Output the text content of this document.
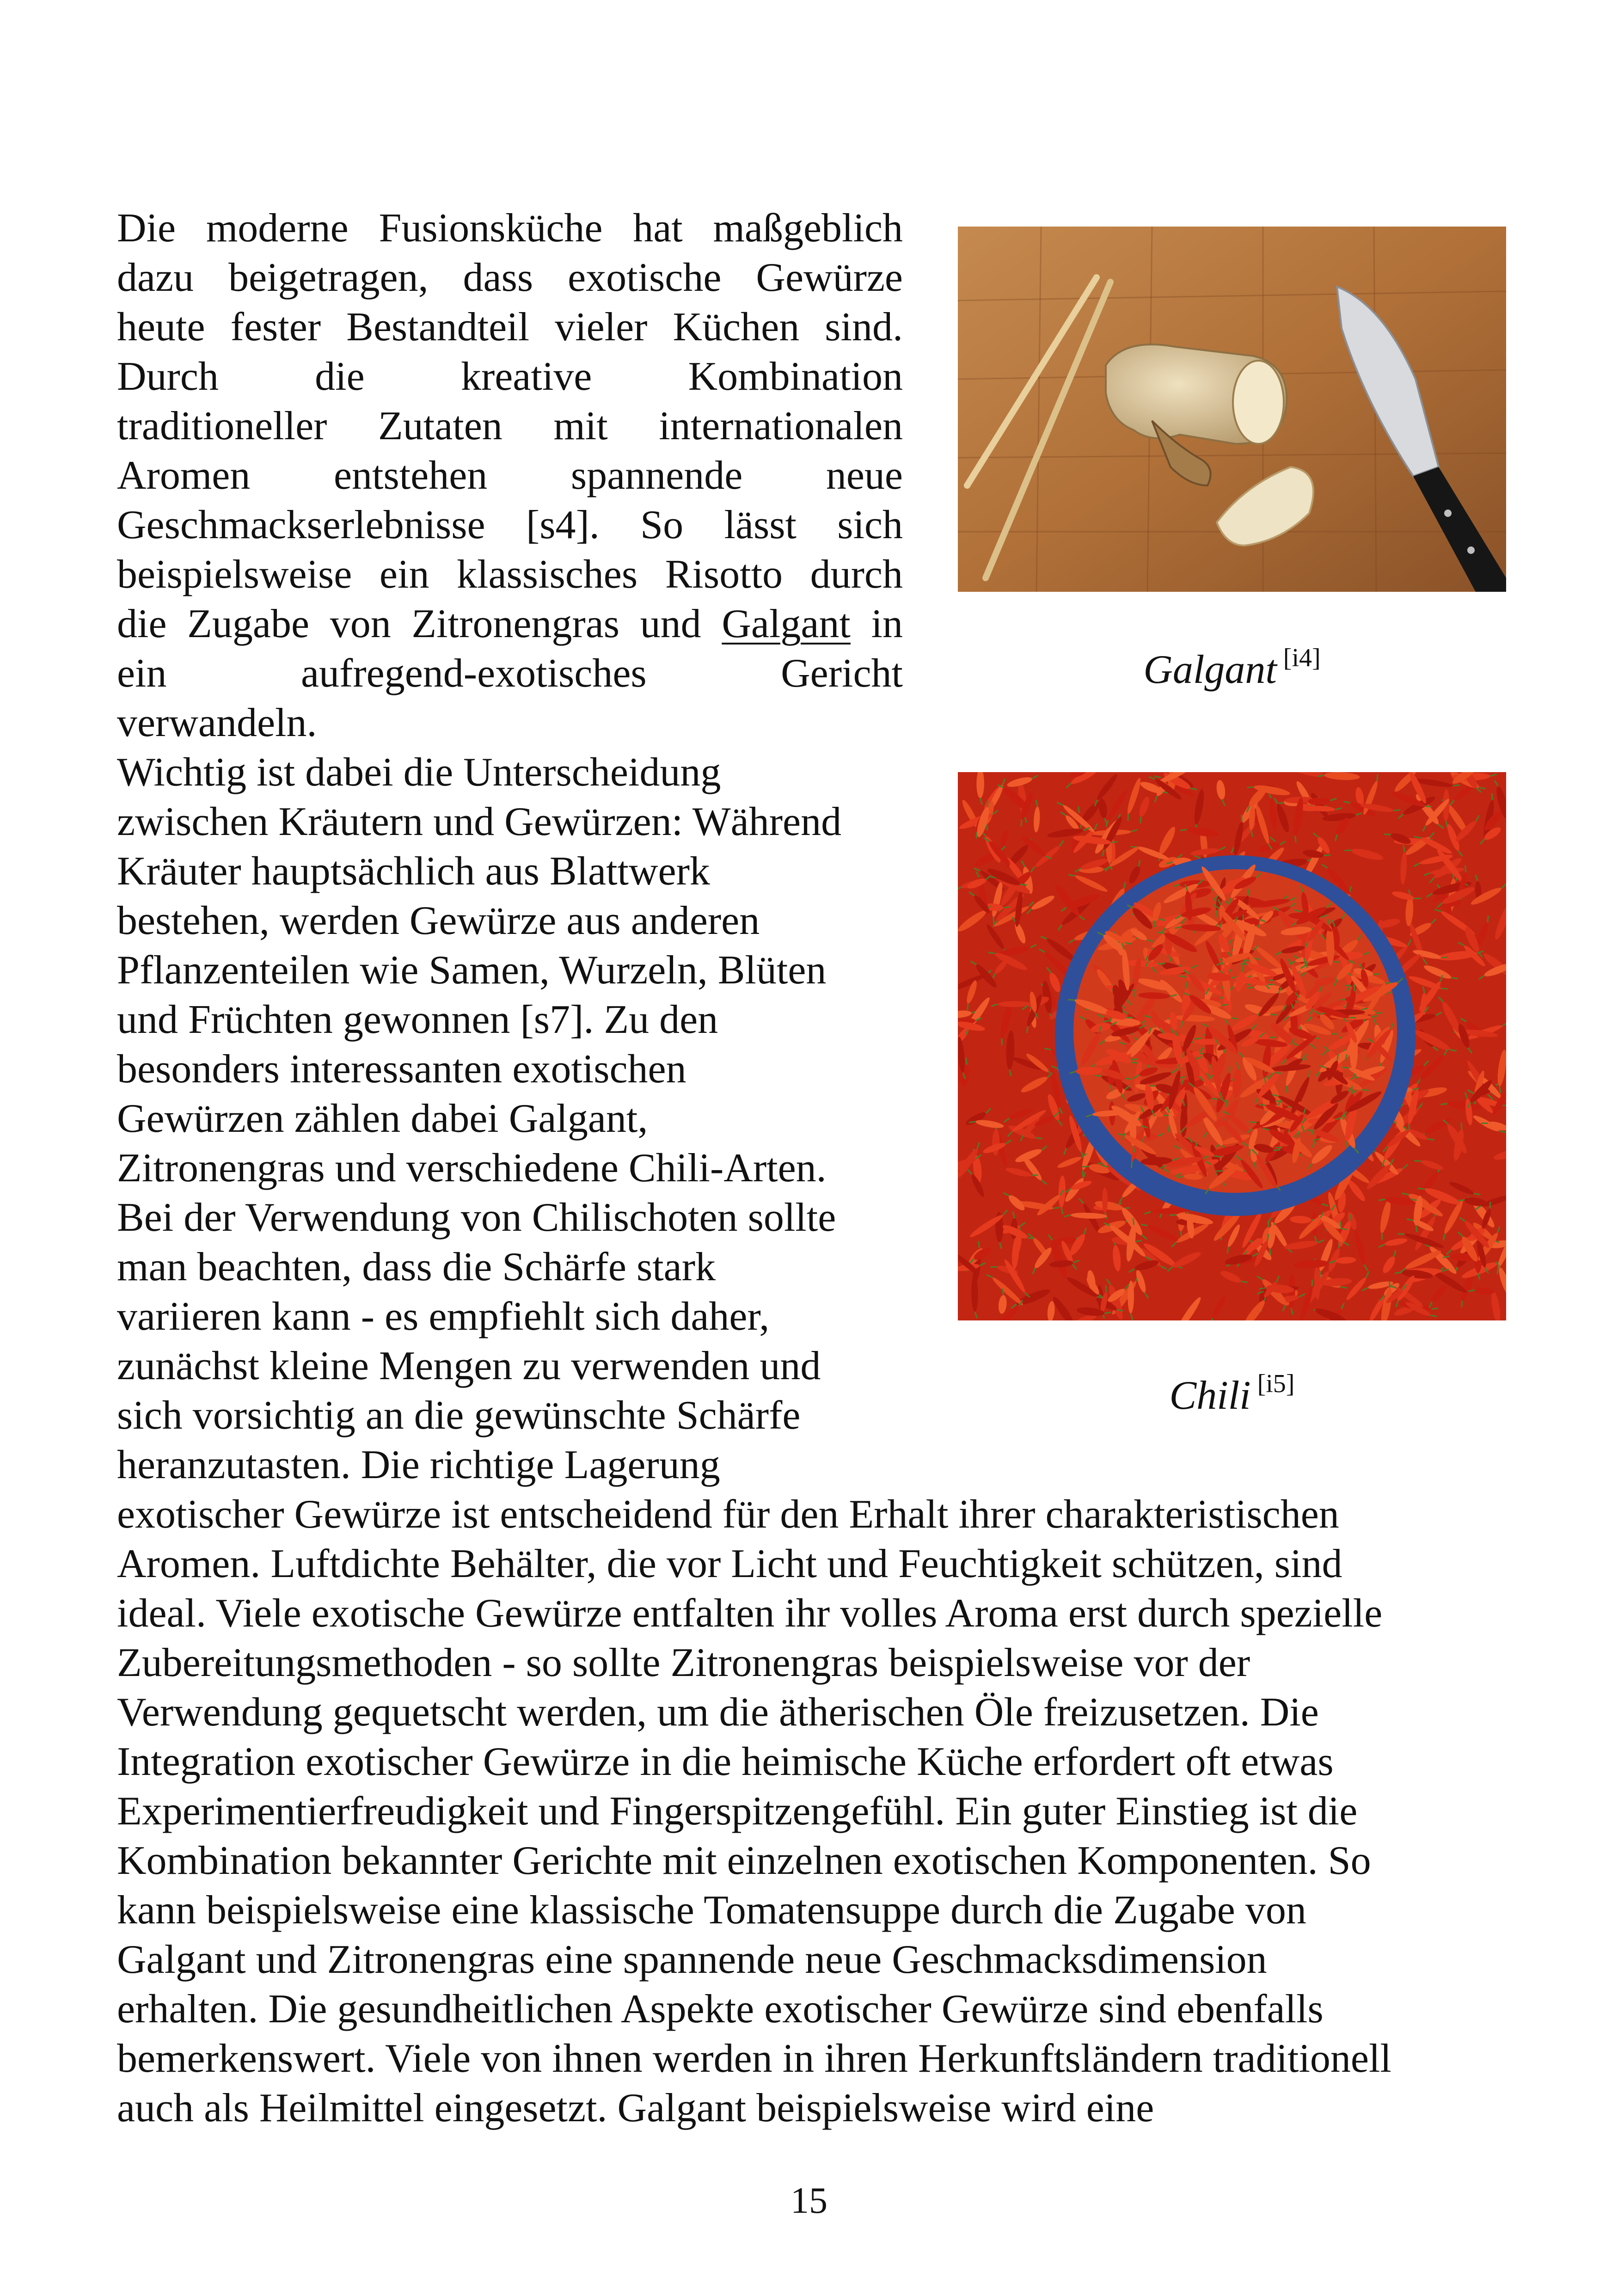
Die moderne Fusionsküche hat maßgeblich
dazu beigetragen, dass exotische Gewürze
heute fester Bestandteil vieler Küchen sind.
Durch die kreative Kombination
traditioneller Zutaten mit internationalen
Aromen entstehen spannende neue
Geschmackserlebnisse [s4]. So lässt sich
beispielsweise ein klassisches Risotto durch
die Zugabe von Zitronengras und Galgant in
ein aufregend-exotisches Gericht
verwandeln.
Wichtig ist dabei die Unterscheidung
zwischen Kräutern und Gewürzen: Während
Kräuter hauptsächlich aus Blattwerk
bestehen, werden Gewürze aus anderen
Pflanzenteilen wie Samen, Wurzeln, Blüten
und Früchten gewonnen [s7]. Zu den
besonders interessanten exotischen
Gewürzen zählen dabei Galgant,
Zitronengras und verschiedene Chili-Arten.
Bei der Verwendung von Chilischoten sollte
man beachten, dass die Schärfe stark
variieren kann - es empfiehlt sich daher,
zunächst kleine Mengen zu verwenden und
sich vorsichtig an die gewünschte Schärfe
heranzutasten. Die richtige Lagerung
Galgant [i4]
Chili [i5]
exotischer Gewürze ist entscheidend für den Erhalt ihrer charakteristischen
Aromen. Luftdichte Behälter, die vor Licht und Feuchtigkeit schützen, sind
ideal. Viele exotische Gewürze entfalten ihr volles Aroma erst durch spezielle
Zubereitungsmethoden - so sollte Zitronengras beispielsweise vor der
Verwendung gequetscht werden, um die ätherischen Öle freizusetzen. Die
Integration exotischer Gewürze in die heimische Küche erfordert oft etwas
Experimentierfreudigkeit und Fingerspitzengefühl. Ein guter Einstieg ist die
Kombination bekannter Gerichte mit einzelnen exotischen Komponenten. So
kann beispielsweise eine klassische Tomatensuppe durch die Zugabe von
Galgant und Zitronengras eine spannende neue Geschmacksdimension
erhalten. Die gesundheitlichen Aspekte exotischer Gewürze sind ebenfalls
bemerkenswert. Viele von ihnen werden in ihren Herkunftsländern traditionell
auch als Heilmittel eingesetzt. Galgant beispielsweise wird eine
15
